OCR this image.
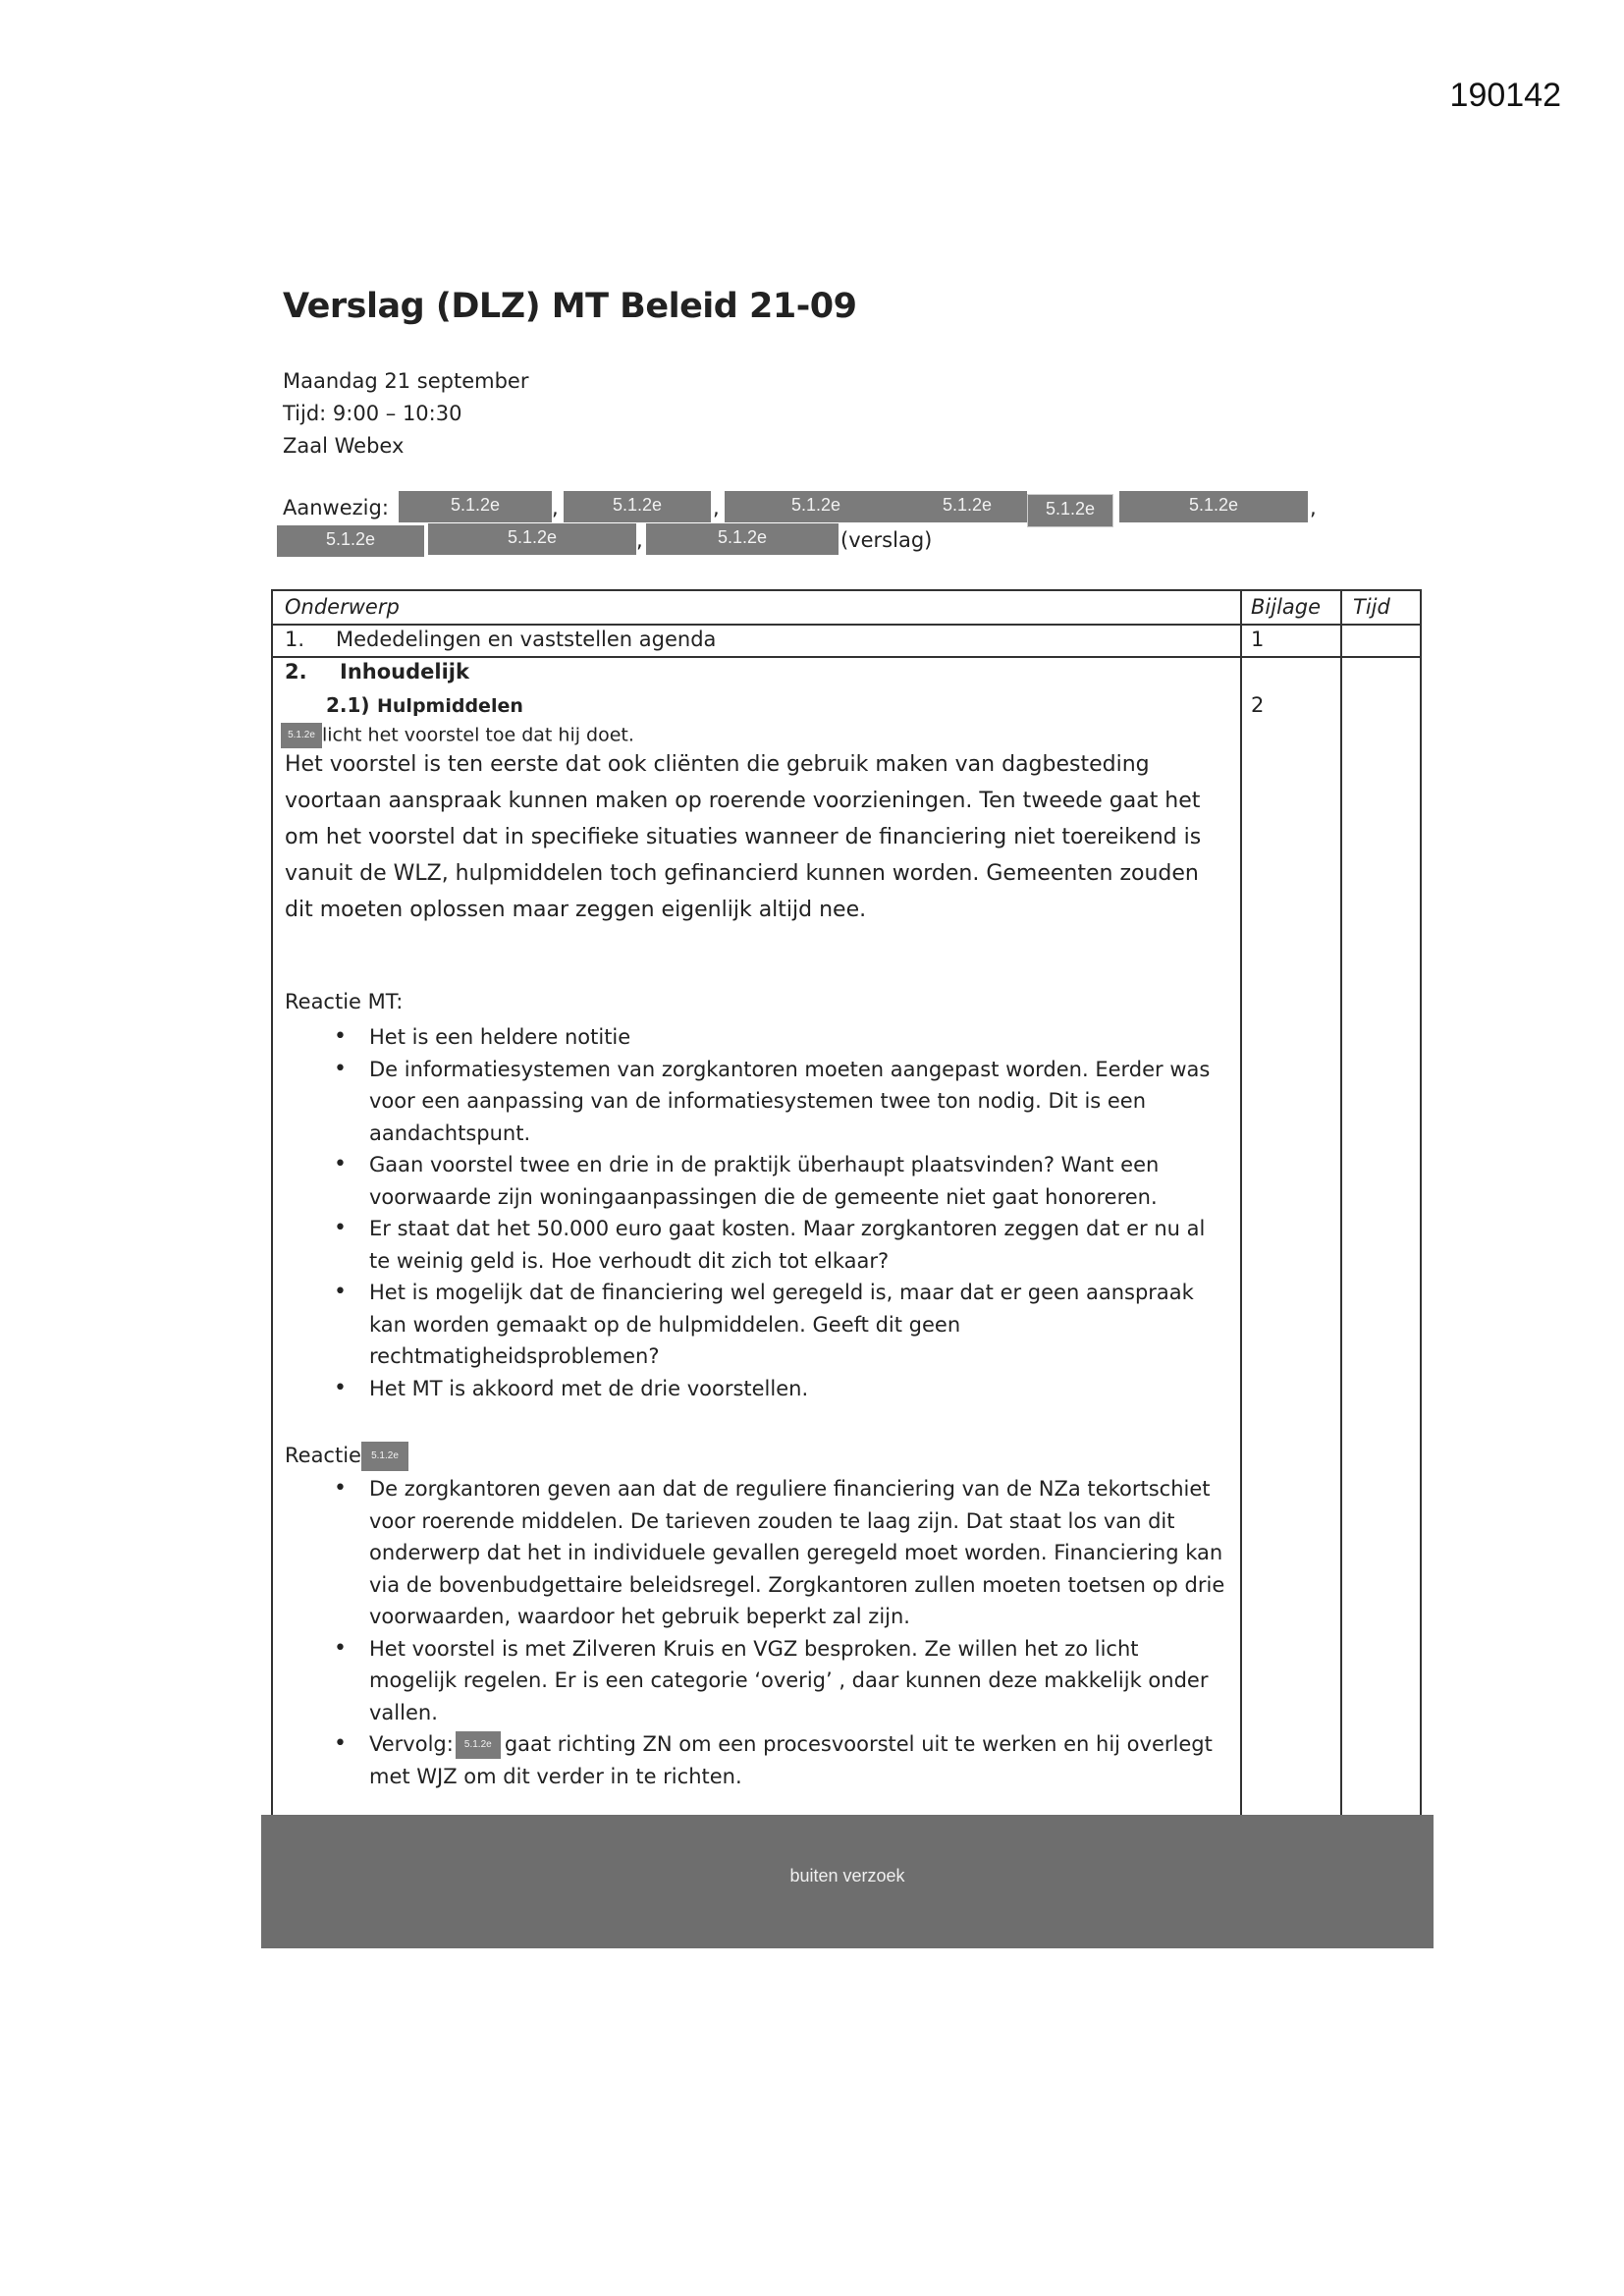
190142
Verslag (DLZ) MT Beleid 21-09
Maandag 21 september
Tijd: 9:00 – 10:30
Zaal Webex
Aanwezig:	5.1.2e	,	5.1.2e	,	5.1.2e	5.1.2e	5.1.2e	5.1.2e	,
5.1.2e	5.1.2e	,	5.1.2e	(verslag)
Onderwerp	Bijlage Tijd
1. Mededelingen en vaststellen agenda	1
2. Inhoudelijk
2.1) Hulpmiddelen	2
5.1.2e licht het voorstel toe dat hij doet.
Het voorstel is ten eerste dat ook cliënten die gebruik maken van dagbesteding voortaan aanspraak kunnen maken op roerende voorzieningen. Ten tweede gaat het om het voorstel dat in specifieke situaties wanneer de financiering niet toereikend is vanuit de WLZ, hulpmiddelen toch gefinancierd kunnen worden. Gemeenten zouden dit moeten oplossen maar zeggen eigenlijk altijd nee.
Reactie MT:
• Het is een heldere notitie
• De informatiesystemen van zorgkantoren moeten aangepast worden. Eerder was voor een aanpassing van de informatiesystemen twee ton nodig. Dit is een aandachtspunt.
• Gaan voorstel twee en drie in de praktijk überhaupt plaatsvinden? Want een voorwaarde zijn woningaanpassingen die de gemeente niet gaat honoreren.
• Er staat dat het 50.000 euro gaat kosten. Maar zorgkantoren zeggen dat er nu al te weinig geld is. Hoe verhoudt dit zich tot elkaar?
• Het is mogelijk dat de financiering wel geregeld is, maar dat er geen aanspraak kan worden gemaakt op de hulpmiddelen. Geeft dit geen rechtmatigheidsproblemen?
• Het MT is akkoord met de drie voorstellen.
Reactie 5.1.2e
• De zorgkantoren geven aan dat de reguliere financiering van de NZa tekortschiet voor roerende middelen. De tarieven zouden te laag zijn. Dat staat los van dit onderwerp dat het in individuele gevallen geregeld moet worden. Financiering kan via de bovenbudgettaire beleidsregel. Zorgkantoren zullen moeten toetsen op drie voorwaarden, waardoor het gebruik beperkt zal zijn.
• Het voorstel is met Zilveren Kruis en VGZ besproken. Ze willen het zo licht mogelijk regelen. Er is een categorie ‘overig’ , daar kunnen deze makkelijk onder vallen.
• Vervolg: 5.1.2e gaat richting ZN om een procesvoorstel uit te werken en hij overlegt met WJZ om dit verder in te richten.
buiten verzoek
